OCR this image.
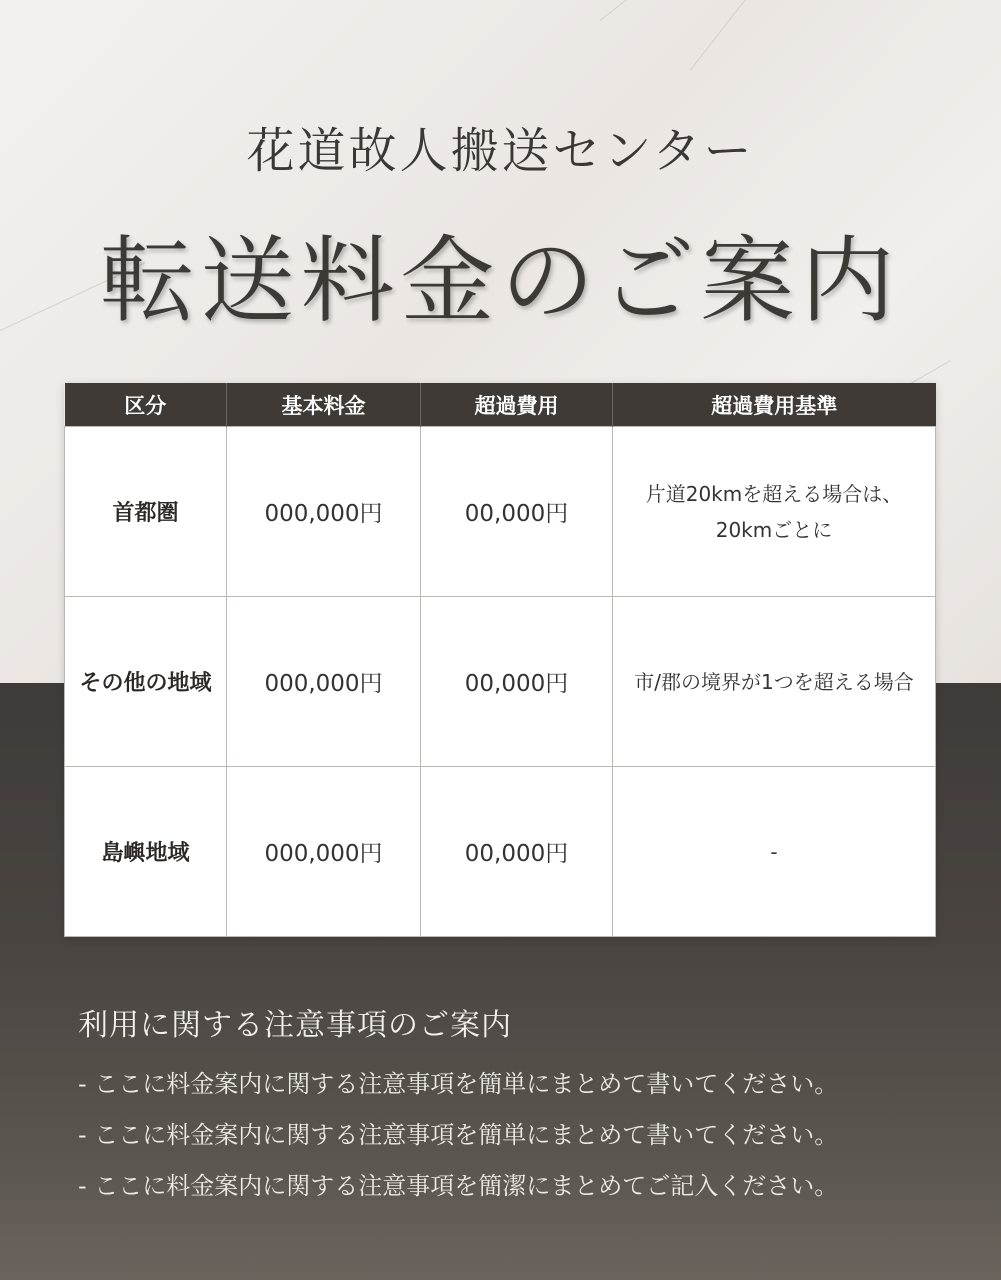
花道故人搬送センター
転送料金のご案内
区分	基本料金	超過費用	超過費用基準
首都圏	000,000円	00,000円	片道20kmを超える場合は、
20kmごとに

その他の地域	000,000円	00,000円	市/郡の境界が1つを超える場合

島嶼地域	000,000円	00,000円	-
利用に関する注意事項のご案内
- ここに料金案内に関する注意事項を簡単にまとめて書いてください。
- ここに料金案内に関する注意事項を簡単にまとめて書いてください。
- ここに料金案内に関する注意事項を簡潔にまとめてご記入ください。
